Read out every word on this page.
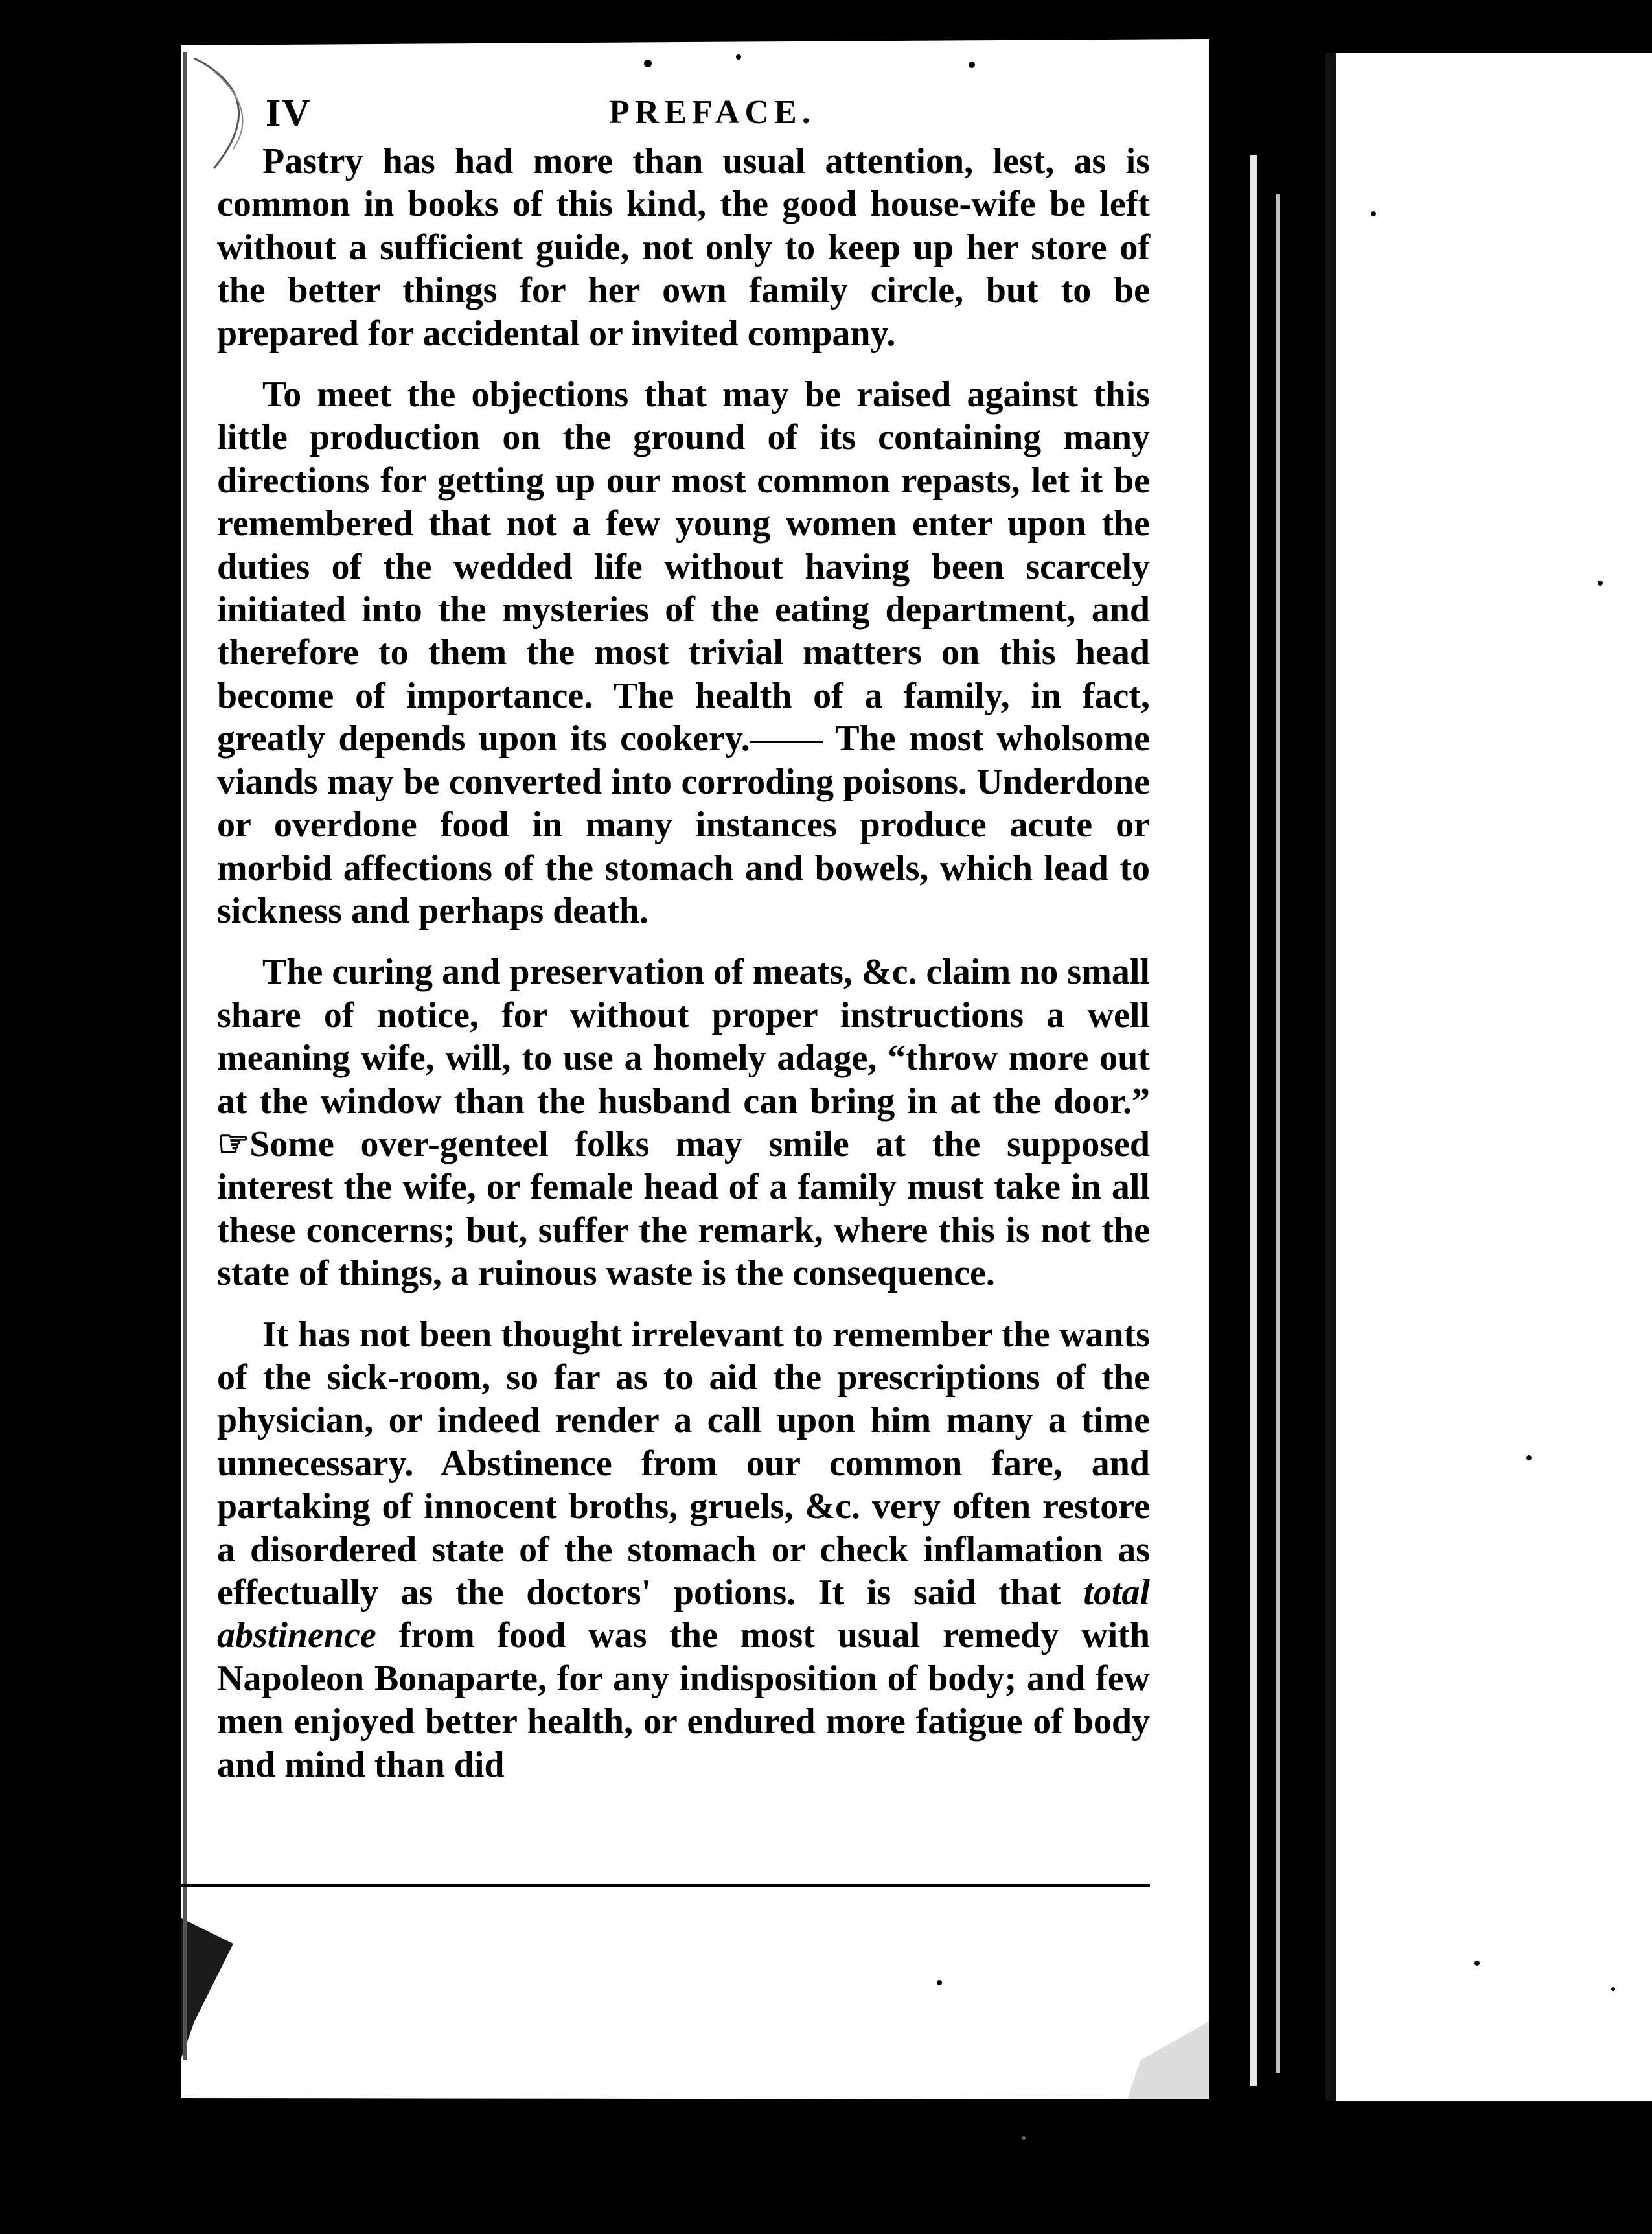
IV	PREFACE.

Pastry has had more than usual attention, lest, as is common in books of this kind, the good house-wife be left without a sufficient guide, not only to keep up her store of the better things for her own family circle, but to be prepared for accidental or invited company.

To meet the objections that may be raised against this little production on the ground of its containing many directions for getting up our most common repasts, let it be remembered that not a few young women enter upon the duties of the wedded life without having been scarcely initiated into the mysteries of the eating department, and therefore to them the most trivial matters on this head become of importance. The health of a family, in fact, greatly depends upon its cookery.—— The most wholsome viands may be converted into corroding poisons. Underdone or overdone food in many instances produce acute or morbid affections of the stomach and bowels, which lead to sickness and perhaps death.

The curing and preservation of meats, &c. claim no small share of notice, for without proper instructions a well meaning wife, will, to use a homely adage, “throw more out at the window than the husband can bring in at the door.” ☞Some over-genteel folks may smile at the supposed interest the wife, or female head of a family must take in all these concerns; but, suffer the remark, where this is not the state of things, a ruinous waste is the consequence.

It has not been thought irrelevant to remember the wants of the sick-room, so far as to aid the prescriptions of the physician, or indeed render a call upon him many a time unnecessary. Abstinence from our common fare, and partaking of innocent broths, gruels, &c. very often restore a disordered state of the stomach or check inflamation as effectually as the doctors' potions. It is said that total abstinence from food was the most usual remedy with Napoleon Bonaparte, for any indisposition of body; and few men enjoyed better health, or endured more fatigue of body and mind than did
